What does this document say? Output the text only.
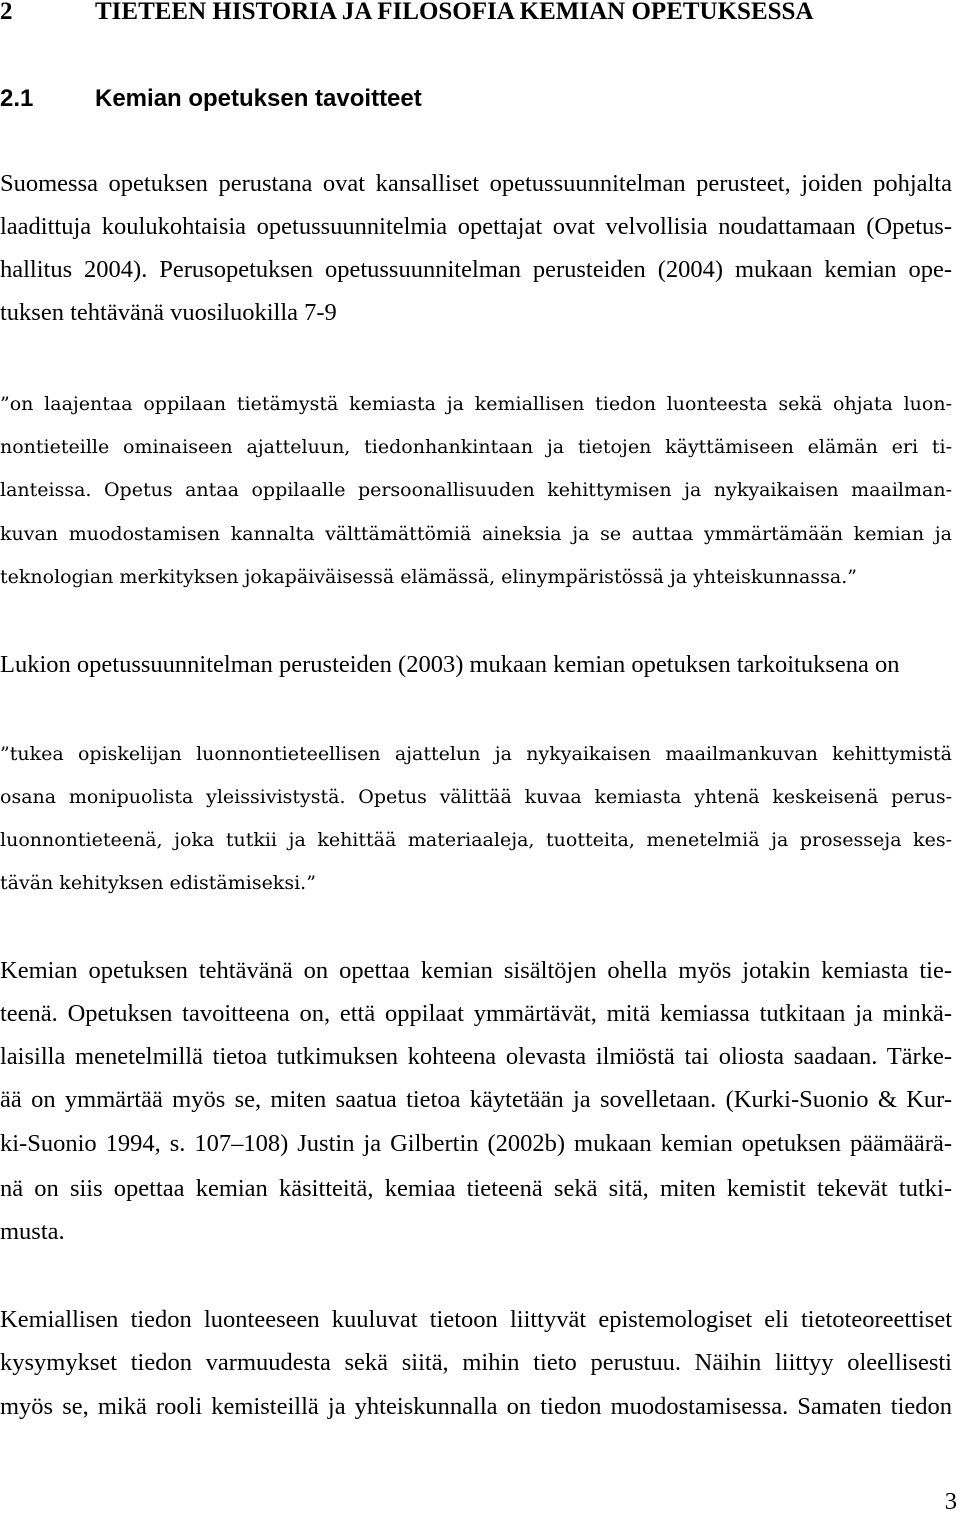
2	TIETEEN HISTORIA JA FILOSOFIA KEMIAN OPETUKSESSA
2.1	Kemian opetuksen tavoitteet
Suomessa opetuksen perustana ovat kansalliset opetussuunnitelman perusteet, joiden pohjalta
laadittuja koulukohtaisia opetussuunnitelmia opettajat ovat velvollisia noudattamaan (Opetus-
hallitus 2004). Perusopetuksen opetussuunnitelman perusteiden (2004) mukaan kemian ope-
tuksen tehtävänä vuosiluokilla 7-9
”on laajentaa oppilaan tietämystä kemiasta ja kemiallisen tiedon luonteesta sekä ohjata luon-
nontieteille ominaiseen ajatteluun, tiedonhankintaan ja tietojen käyttämiseen elämän eri ti-
lanteissa. Opetus antaa oppilaalle persoonallisuuden kehittymisen ja nykyaikaisen maailman-
kuvan muodostamisen kannalta välttämättömiä aineksia ja se auttaa ymmärtämään kemian ja
teknologian merkityksen jokapäiväisessä elämässä, elinympäristössä ja yhteiskunnassa.”
Lukion opetussuunnitelman perusteiden (2003) mukaan kemian opetuksen tarkoituksena on
”tukea opiskelijan luonnontieteellisen ajattelun ja nykyaikaisen maailmankuvan kehittymistä
osana monipuolista yleissivistystä. Opetus välittää kuvaa kemiasta yhtenä keskeisenä perus-
luonnontieteenä, joka tutkii ja kehittää materiaaleja, tuotteita, menetelmiä ja prosesseja kes-
tävän kehityksen edistämiseksi.”
Kemian opetuksen tehtävänä on opettaa kemian sisältöjen ohella myös jotakin kemiasta tie-
teenä. Opetuksen tavoitteena on, että oppilaat ymmärtävät, mitä kemiassa tutkitaan ja minkä-
laisilla menetelmillä tietoa tutkimuksen kohteena olevasta ilmiöstä tai oliosta saadaan. Tärke-
ää on ymmärtää myös se, miten saatua tietoa käytetään ja sovelletaan. (Kurki-Suonio & Kur-
ki-Suonio 1994, s. 107–108) Justin ja Gilbertin (2002b) mukaan kemian opetuksen päämäärä-
nä on siis opettaa kemian käsitteitä, kemiaa tieteenä sekä sitä, miten kemistit tekevät tutki-
musta.
Kemiallisen tiedon luonteeseen kuuluvat tietoon liittyvät epistemologiset eli tietoteoreettiset
kysymykset tiedon varmuudesta sekä siitä, mihin tieto perustuu. Näihin liittyy oleellisesti
myös se, mikä rooli kemisteillä ja yhteiskunnalla on tiedon muodostamisessa. Samaten tiedon
3
